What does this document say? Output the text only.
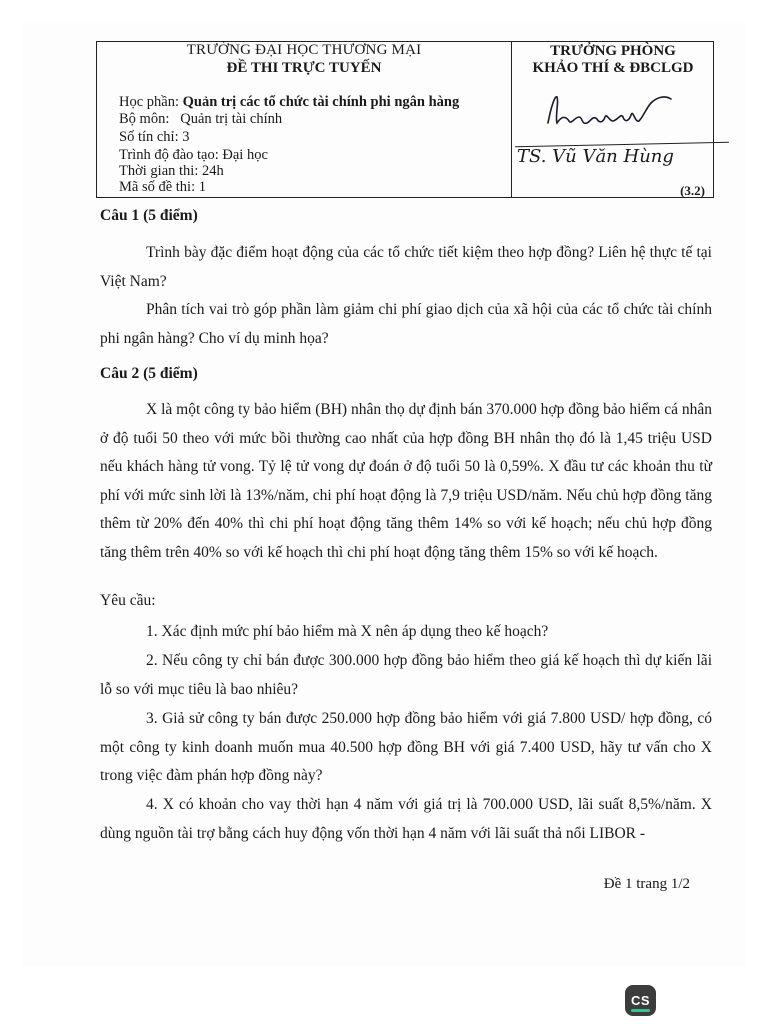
TRƯỜNG ĐẠI HỌC THƯƠNG MẠI
ĐỀ THI TRỰC TUYẾN
Học phần: Quản trị các tổ chức tài chính phi ngân hàng
Bộ môn: Quản trị tài chính
Số tín chỉ: 3
Trình độ đào tạo: Đại học
Thời gian thi: 24h
Mã số đề thi: 1
TRƯỞNG PHÒNG
KHẢO THÍ & ĐBCLGD
TS. Vũ Văn Hùng
(3.2)
Câu 1 (5 điểm)

Trình bày đặc điểm hoạt động của các tổ chức tiết kiệm theo hợp đồng? Liên hệ thực tế tại Việt Nam?

Phân tích vai trò góp phần làm giảm chi phí giao dịch của xã hội của các tổ chức tài chính phi ngân hàng? Cho ví dụ minh họa?

Câu 2 (5 điểm)

X là một công ty bảo hiểm (BH) nhân thọ dự định bán 370.000 hợp đồng bảo hiểm cá nhân ở độ tuổi 50 theo với mức bồi thường cao nhất của hợp đồng BH nhân thọ đó là 1,45 triệu USD nếu khách hàng tử vong. Tỷ lệ tử vong dự đoán ở độ tuổi 50 là 0,59%. X đầu tư các khoản thu từ phí với mức sinh lời là 13%/năm, chi phí hoạt động là 7,9 triệu USD/năm. Nếu chủ hợp đồng tăng thêm từ 20% đến 40% thì chi phí hoạt động tăng thêm 14% so với kế hoạch; nếu chủ hợp đồng tăng thêm trên 40% so với kế hoạch thì chi phí hoạt động tăng thêm 15% so với kế hoạch.

Yêu cầu:

1. Xác định mức phí bảo hiểm mà X nên áp dụng theo kế hoạch?

2. Nếu công ty chỉ bán được 300.000 hợp đồng bảo hiểm theo giá kế hoạch thì dự kiến lãi lỗ so với mục tiêu là bao nhiêu?

3. Giả sử công ty bán được 250.000 hợp đồng bảo hiểm với giá 7.800 USD/ hợp đồng, có một công ty kinh doanh muốn mua 40.500 hợp đồng BH với giá 7.400 USD, hãy tư vấn cho X trong việc đàm phán hợp đồng này?

4. X có khoản cho vay thời hạn 4 năm với giá trị là 700.000 USD, lãi suất 8,5%/năm. X dùng nguồn tài trợ bằng cách huy động vốn thời hạn 4 năm với lãi suất thả nổi LIBOR -

Đề 1 trang 1/2
CS
